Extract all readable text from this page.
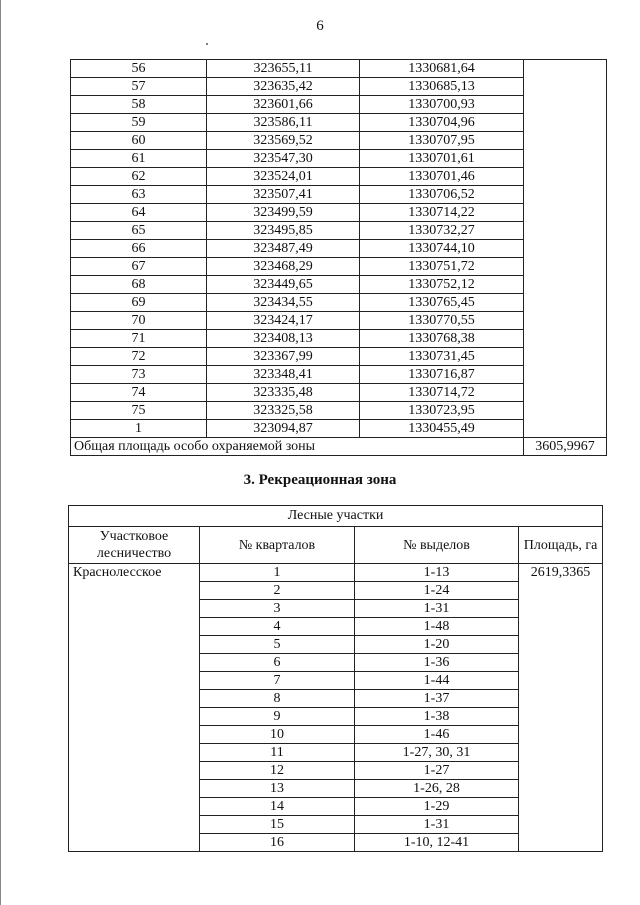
6
56	323655,11	1330681,64	
57	323635,42	1330685,13	
58	323601,66	1330700,93	
59	323586,11	1330704,96	
60	323569,52	1330707,95	
61	323547,30	1330701,61	
62	323524,01	1330701,46	
63	323507,41	1330706,52	
64	323499,59	1330714,22	
65	323495,85	1330732,27	
66	323487,49	1330744,10	
67	323468,29	1330751,72	
68	323449,65	1330752,12	
69	323434,55	1330765,45	
70	323424,17	1330770,55	
71	323408,13	1330768,38	
72	323367,99	1330731,45	
73	323348,41	1330716,87	
74	323335,48	1330714,72	
75	323325,58	1330723,95	
1	323094,87	1330455,49	
Общая площадь особо охраняемой зоны			3605,9967
3. Рекреационная зона
Лесные участки			
Участковое лесничество	№ кварталов	№ выделов	Площадь, га
Краснолесское	1	1-13	2619,3365
	2	1-24	
	3	1-31	
	4	1-48	
	5	1-20	
	6	1-36	
	7	1-44	
	8	1-37	
	9	1-38	
	10	1-46	
	11	1-27, 30, 31	
	12	1-27	
	13	1-26, 28	
	14	1-29	
	15	1-31	
	16	1-10, 12-41	
